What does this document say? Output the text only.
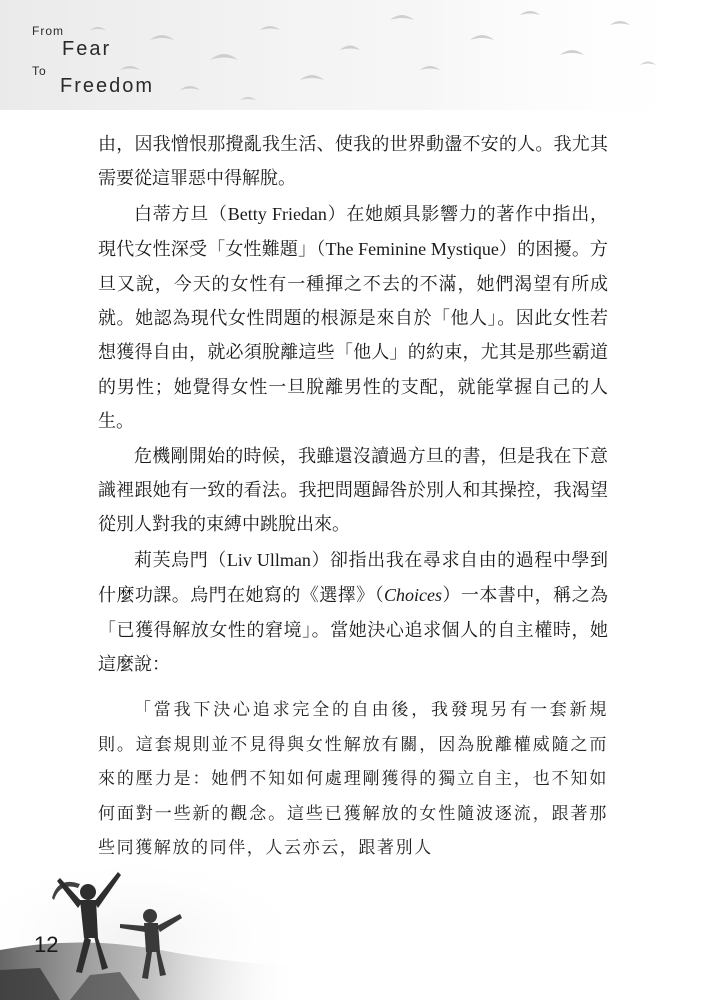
From
Fear
To
Freedom

由，因我憎恨那攪亂我生活、使我的世界動盪不安的人。我尤其需要從這罪惡中得解脫。

白蒂方旦（Betty Friedan）在她頗具影響力的著作中指出，現代女性深受「女性難題」（The Feminine Mystique）的困擾。方旦又說，今天的女性有一種揮之不去的不滿，她們渴望有所成就。她認為現代女性問題的根源是來自於「他人」。因此女性若想獲得自由，就必須脫離這些「他人」的約束，尤其是那些霸道的男性；她覺得女性一旦脫離男性的支配，就能掌握自己的人生。

危機剛開始的時候，我雖還沒讀過方旦的書，但是我在下意識裡跟她有一致的看法。我把問題歸咎於別人和其操控，我渴望從別人對我的束縛中跳脫出來。

莉芙烏門（Liv Ullman）卻指出我在尋求自由的過程中學到什麼功課。烏門在她寫的《選擇》（Choices）一本書中，稱之為「已獲得解放女性的窘境」。當她決心追求個人的自主權時，她這麼說：

「當我下決心追求完全的自由後，我發現另有一套新規則。這套規則並不見得與女性解放有關，因為脫離權威隨之而來的壓力是：她們不知如何處理剛獲得的獨立自主，也不知如何面對一些新的觀念。這些已獲解放的女性隨波逐流，跟著那些同獲解放的同伴，人云亦云，跟著別人

12
